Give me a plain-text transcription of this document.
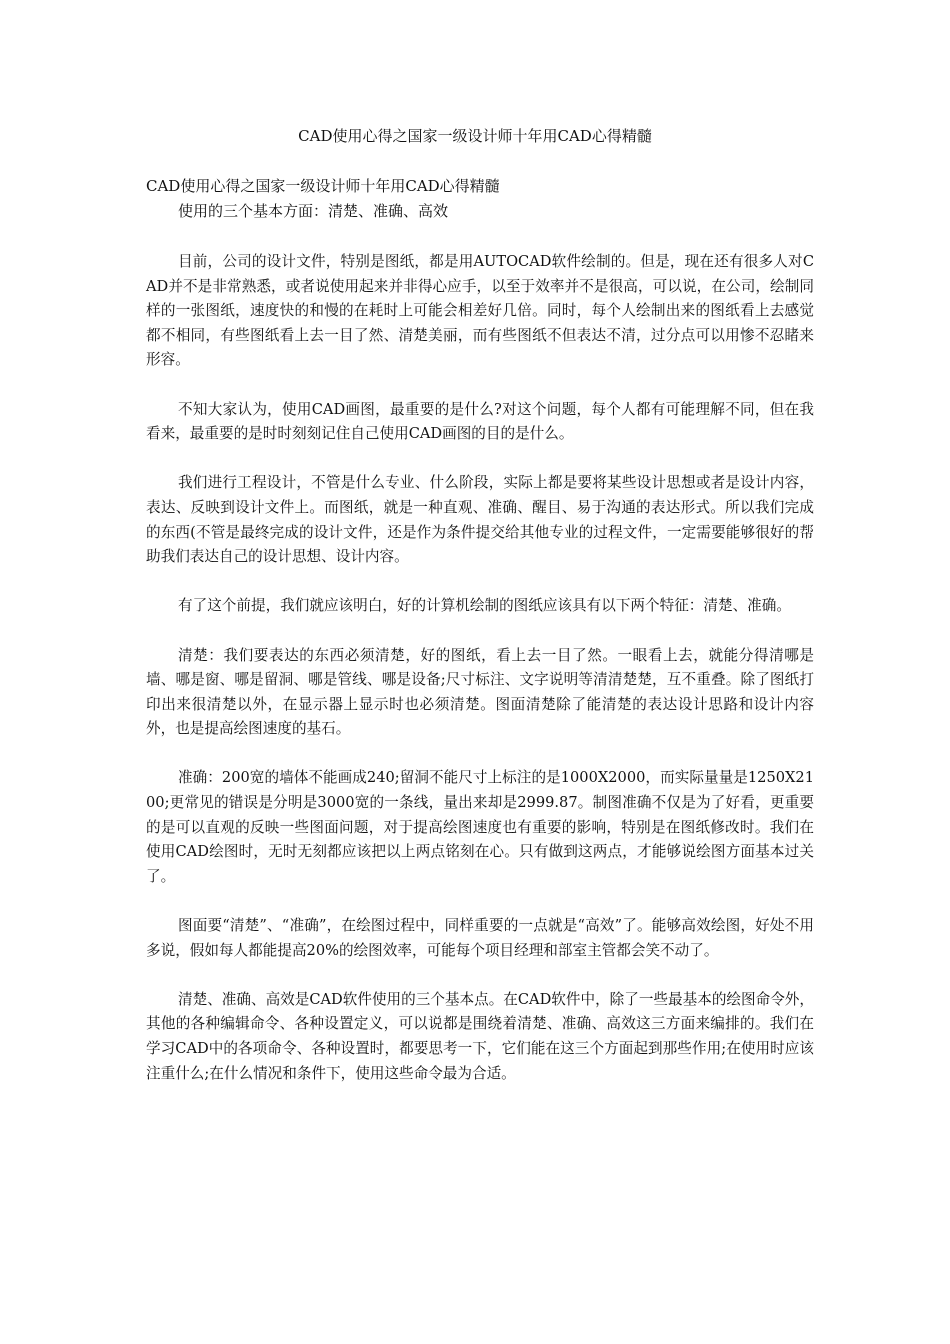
CAD使用心得之国家一级设计师十年用CAD心得精髓

CAD使用心得之国家一级设计师十年用CAD心得精髓

使用的三个基本方面：清楚、准确、高效

目前，公司的设计文件，特别是图纸，都是用AUTOCAD软件绘制的。但是，现在还有很多人对CAD并不是非常熟悉，或者说使用起来并非得心应手，以至于效率并不是很高，可以说，在公司，绘制同样的一张图纸，速度快的和慢的在耗时上可能会相差好几倍。同时，每个人绘制出来的图纸看上去感觉都不相同，有些图纸看上去一目了然、清楚美丽，而有些图纸不但表达不清，过分点可以用惨不忍睹来形容。

不知大家认为，使用CAD画图，最重要的是什么?对这个问题，每个人都有可能理解不同，但在我看来，最重要的是时时刻刻记住自己使用CAD画图的目的是什么。

我们进行工程设计，不管是什么专业、什么阶段，实际上都是要将某些设计思想或者是设计内容，表达、反映到设计文件上。而图纸，就是一种直观、准确、醒目、易于沟通的表达形式。所以我们完成的东西(不管是最终完成的设计文件，还是作为条件提交给其他专业的过程文件，一定需要能够很好的帮助我们表达自己的设计思想、设计内容。

有了这个前提，我们就应该明白，好的计算机绘制的图纸应该具有以下两个特征：清楚、准确。

清楚：我们要表达的东西必须清楚，好的图纸，看上去一目了然。一眼看上去，就能分得清哪是墙、哪是窗、哪是留洞、哪是管线、哪是设备;尺寸标注、文字说明等清清楚楚，互不重叠。除了图纸打印出来很清楚以外，在显示器上显示时也必须清楚。图面清楚除了能清楚的表达设计思路和设计内容外，也是提高绘图速度的基石。

准确：200宽的墙体不能画成240;留洞不能尺寸上标注的是1000X2000，而实际量量是1250X2100;更常见的错误是分明是3000宽的一条线，量出来却是2999.87。制图准确不仅是为了好看，更重要的是可以直观的反映一些图面问题，对于提高绘图速度也有重要的影响，特别是在图纸修改时。我们在使用CAD绘图时，无时无刻都应该把以上两点铭刻在心。只有做到这两点，才能够说绘图方面基本过关了。

图面要“清楚”、“准确”，在绘图过程中，同样重要的一点就是“高效”了。能够高效绘图，好处不用多说，假如每人都能提高20%的绘图效率，可能每个项目经理和部室主管都会笑不动了。

清楚、准确、高效是CAD软件使用的三个基本点。在CAD软件中，除了一些最基本的绘图命令外，其他的各种编辑命令、各种设置定义，可以说都是围绕着清楚、准确、高效这三方面来编排的。我们在学习CAD中的各项命令、各种设置时，都要思考一下，它们能在这三个方面起到那些作用;在使用时应该注重什么;在什么情况和条件下，使用这些命令最为合适。
